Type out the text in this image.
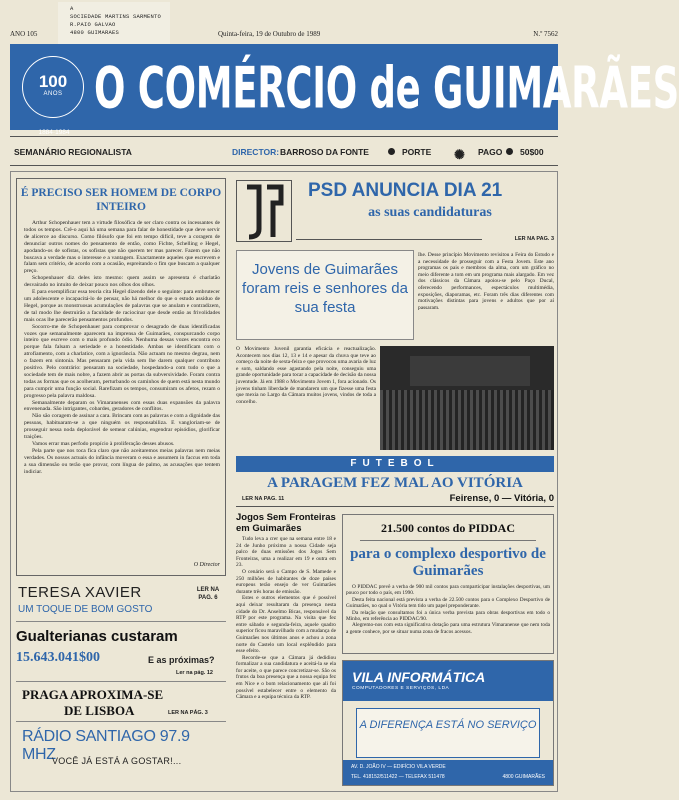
A
SOCIEDADE MARTINS SARMENTO
R.PAIO GALVAO
4800 GUIMARAES
ANO 105	Quinta-feira, 19 de Outubro de 1989	N.º 7562
100
ANOS
1884·1984
O COMÉRCIO de GUIMARÃES
SEMANÁRIO REGIONALISTA	DIRECTOR: BARROSO DA FONTE	PORTE ✺	PAGO 50$00
É PRECISO SER HOMEM DE CORPO INTEIRO

Arthur Schopenhauer tem a virtude filosófica de ser claro contra os incessantes de todos os tempos. Crê-o aqui há uma semana para falar de honestidade que deve servir de alicerce ao discurso. Como filósofo que foi em tempo difícil, teve a coragem de denunciar outros nomes do pensamento de então, como Fichte, Schelling e Hegel, apodando-os de sofistas, os sofistas que não querem ter mas parecer. Fazem que não buscava a verdade mas o interesse e a vantagem. Exactamente aqueles que escrevem e falam sem critério, de acordo com a ocasião, espreitando o fim que buscam a qualquer preço.

Schopenhauer diz deles isto mesmo: quem assim se apresenta é charlatão desvairado no intuito de deixar pouco nos olhos dos olhos.

E para exemplificar essa teoria cita Hegel dizendo dele o seguinte: para embrutecer um adolescente e incapacitá-lo de pensar, não há melhor do que o estudo assíduo de Hegel, porque as monstruosas acumulações de palavras que se anulam e contradizem, de tal modo lhe destruirão a faculdade de raciocinar que desde então as frivolidades mais ocas lhe parecerão pensamentos profundos.

Socorro-me de Schopenhauer para comprovar o desagrado de duas identificadas vozes que semanalmente aparecem na imprensa de Guimarães, conspurcando corpo inteiro que escreve com o mais profundo ódio. Nenhuma dessas vozes encontra eco porque fala falsam a seriedade e a honestidade. Ambas se identificam com o atrofiamento, com a charlatice, com a ignorância. Não actuam no mesmo degrau, nem o fazem em sintonia. Mas pensaram pela vida sem lhe darem qualquer contributo positivo. Pelo contrário: pensaram na sociedade, hospedando-a com tudo o que a sociedade tem de mais nobre, a fazem abrir as portas da subversividade. Foram contra todas as formas que os acolheram, perturbando os caminhos de quem está nesta mundo para cumprir uma função social. Rarefizam os tempos, consumiram os afetos, rezam o progresso pela palavra maldosa.

Semanalmente deparam os Vimaranenses com essas duas expansões da palavra envenenada. São intrigantes, cobardes, geradores de conflitos.

Não são coragem de assinar a cara. Brincam com as palavras e com a dignidade das pessoas, habituaram-se a que ninguém os responsabiliza. E vangloriam-se de prosseguir nessa noda deplorável de semear calúnias, engendrar episódios, glorificar traições.

Vamos errar mas perfodo propício à proliferação desses abusos.

Pela parte que nos toca fica claro que não aceitaremos meias palavras nem meias verdades. Os nossos actuais do infância moveram o essa e assumem in faccus em toda a sua dimensão ou terão que provar, com língua de palmo, as acusações que tentem indiciar.

O Director
TERESA XAVIER
UM TOQUE DE BOM GOSTO
LER NA PAG. 6
Gualterianas custaram
15.643.041$00	E as próximas?
Ler na pág. 12
PRAGA APROXIMA-SE
DE LISBOA	LER NA PÁG. 3
RÁDIO SANTIAGO 97.9 MHZ
VOCÊ JÁ ESTÁ A GOSTAR!...
PSD ANUNCIA DIA 21
as suas candidaturas
LER NA PAG. 3
Jovens de Guimarães foram reis e senhores da sua festa
Ihe. Desse princípio Movimento revisitou a Feira do Estudo e a necessidade de prosseguir com a Festa Jovem. Este ano programas os pais e membros da alma, com um gráfico no meio diferente a tom em um programa mais alargado. Em vez dos clássicos da Câmara apoiou-se pelo Paço Ducal, oferecendo performances, espectáculos multimédia, exposições, diaporamas, etc. Foram três dias diferentes com motivações distintas para jovens e adultos que por aí passaram.
O Movimento Juvenil garantia eficácia e reactualização. Acontecem nos dias 12, 13 e 14 e apesar da chuva que teve ao começo da noite de sexta-feira e que provocou uma avaria de luz e som, saldando esse agastando pela noite, conseguiu uma grande oportunidade para tocar a capacidade de decisão da nossa juventude. Já em 1988 o Movimento Jovem 1, fora acionado. Os jovens tinham liberdade de mandarem um que fizesse uma festa que mexia no Largo da Câmara muitos jovens, vindos de toda a concelho.
FUTEBOL
A PARAGEM FEZ MAL AO VITÓRIA
LER NA PAG. 11	Feirense, 0 — Vitória, 0
Jogos Sem Fronteiras em Guimarães

Tudo leva a crer que na semana entre 18 e 24 de Junho próximo a nossa Cidade seja palco de duas emissões dos Jogos Sem Fronteiras, uma a realizar em 19 e outra em 23.

O cenário será o Campo de S. Mamede e 250 milhões de habitantes de doze países europeus terão ensejo de ver Guimarães durante três horas de emissão.

Estes e outros elementos que é possível aqui deixar resultaram da presença nesta cidade do Dr. Anselmo Bicas, responsável da RTP por este programa. Na visita que fez entre sábado e segunda-feira, aquele quadro superior ficou maravilhado com a mudança de Guimarães nos últimos anos e achou a zona norte do Castelo um local explêndido para esse efeito.

Recorde-se que a Câmara já dedidiou formalizar a sua candidatura e aceitá-la se ela for aceite, o que parece concretizar-se. São os frutos da boa presença que a nossa equipa fez em Nice e o bom relacionamento que ali foi possível estabelecer entre o elemento da Câmara e a equipa técnica da RTP.

21.500 contos do PIDDAC
para o complexo desportivo de Guimarães

O PIDDAC prevê a verba de 900 mil contos para comparticipar instalações desportivas, um pouco por todo o país, em 1990.

Desta feita nacional está prevista a verba de 22.500 contos para o Complexo Desportivo de Guimarães, no qual o Vitória tem tido um papel preponderante.

Da relação que consultamos foi a única verba prevista para obras desportivas em todo o Minho, em referência ao PIDDAC/90.

Alegremo-nos com esta significativa dotação para uma estrutura Vimaranense que nem toda a gente conhece, por se situar numa zona de fracos acessos.

VILA INFORMÁTICA
COMPUTADORES E SERVIÇOS, LDA
A DIFERENÇA ESTÁ NO SERVIÇO
AV. D. JOÃO IV — EDIFÍCIO VILA VERDE
TEL. 418152/511422 — TELEFAX 511478	4800 GUIMARÃES
